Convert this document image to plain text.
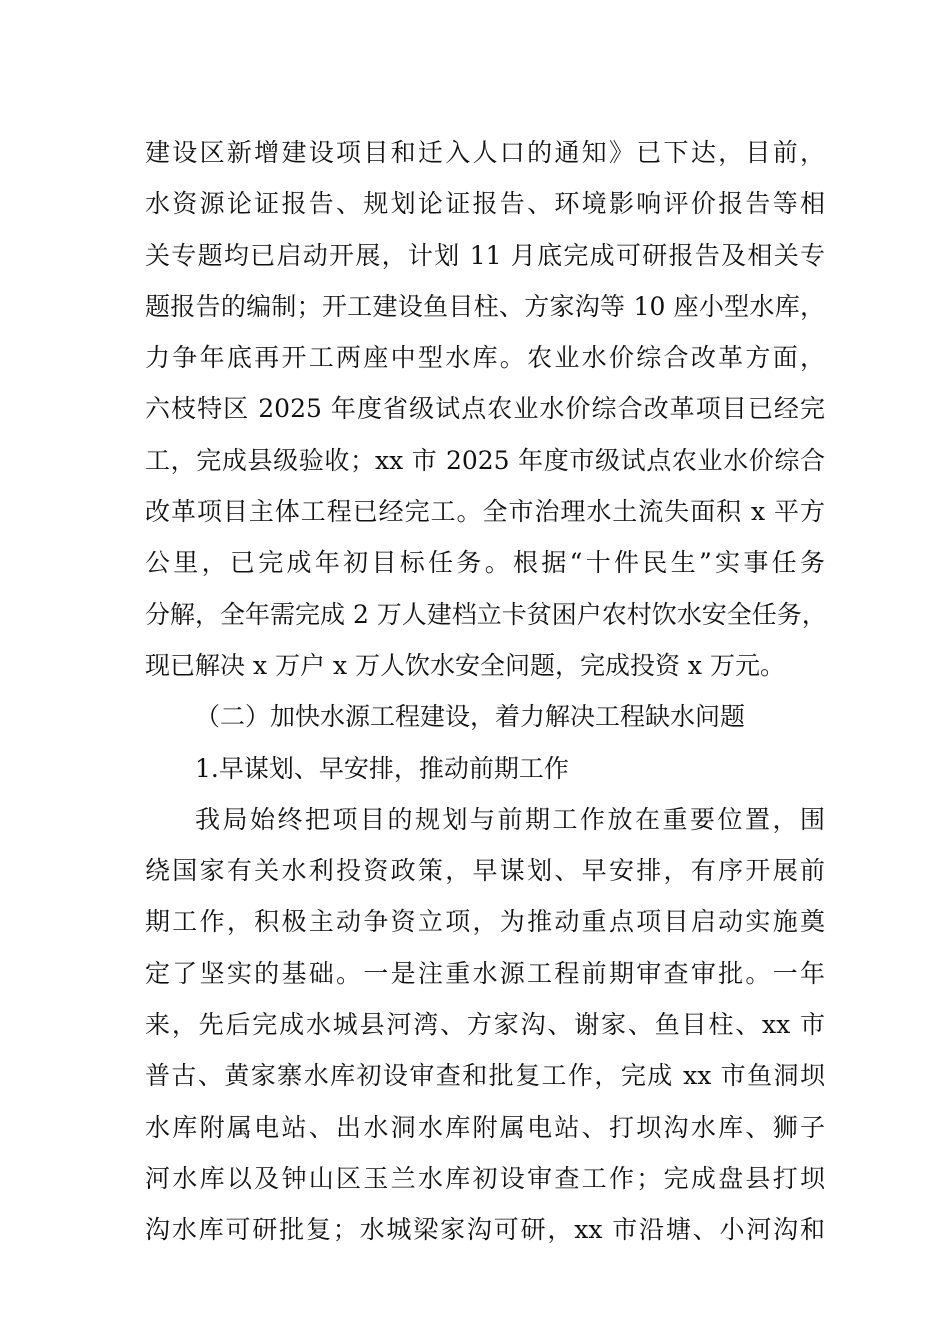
建设区新增建设项目和迁入人口的通知》已下达，目前，
水资源论证报告、规划论证报告、环境影响评价报告等相
关专题均已启动开展，计划 11 月底完成可研报告及相关专
题报告的编制；开工建设鱼目柱、方家沟等 10 座小型水库，
力争年底再开工两座中型水库。农业水价综合改革方面，
六枝特区 2025 年度省级试点农业水价综合改革项目已经完
工，完成县级验收；xx 市 2025 年度市级试点农业水价综合
改革项目主体工程已经完工。全市治理水土流失面积 x 平方
公里，已完成年初目标任务。根据“十件民生”实事任务
分解，全年需完成 2 万人建档立卡贫困户农村饮水安全任务，
现已解决 x 万户 x 万人饮水安全问题，完成投资 x 万元。
（二）加快水源工程建设，着力解决工程缺水问题
1.早谋划、早安排，推动前期工作
我局始终把项目的规划与前期工作放在重要位置，围
绕国家有关水利投资政策，早谋划、早安排，有序开展前
期工作，积极主动争资立项，为推动重点项目启动实施奠
定了坚实的基础。一是注重水源工程前期审查审批。一年
来，先后完成水城县河湾、方家沟、谢家、鱼目柱、xx 市
普古、黄家寨水库初设审查和批复工作，完成 xx 市鱼洞坝
水库附属电站、出水洞水库附属电站、打坝沟水库、狮子
河水库以及钟山区玉兰水库初设审查工作；完成盘县打坝
沟水库可研批复；水城梁家沟可研，xx 市沿塘、小河沟和
